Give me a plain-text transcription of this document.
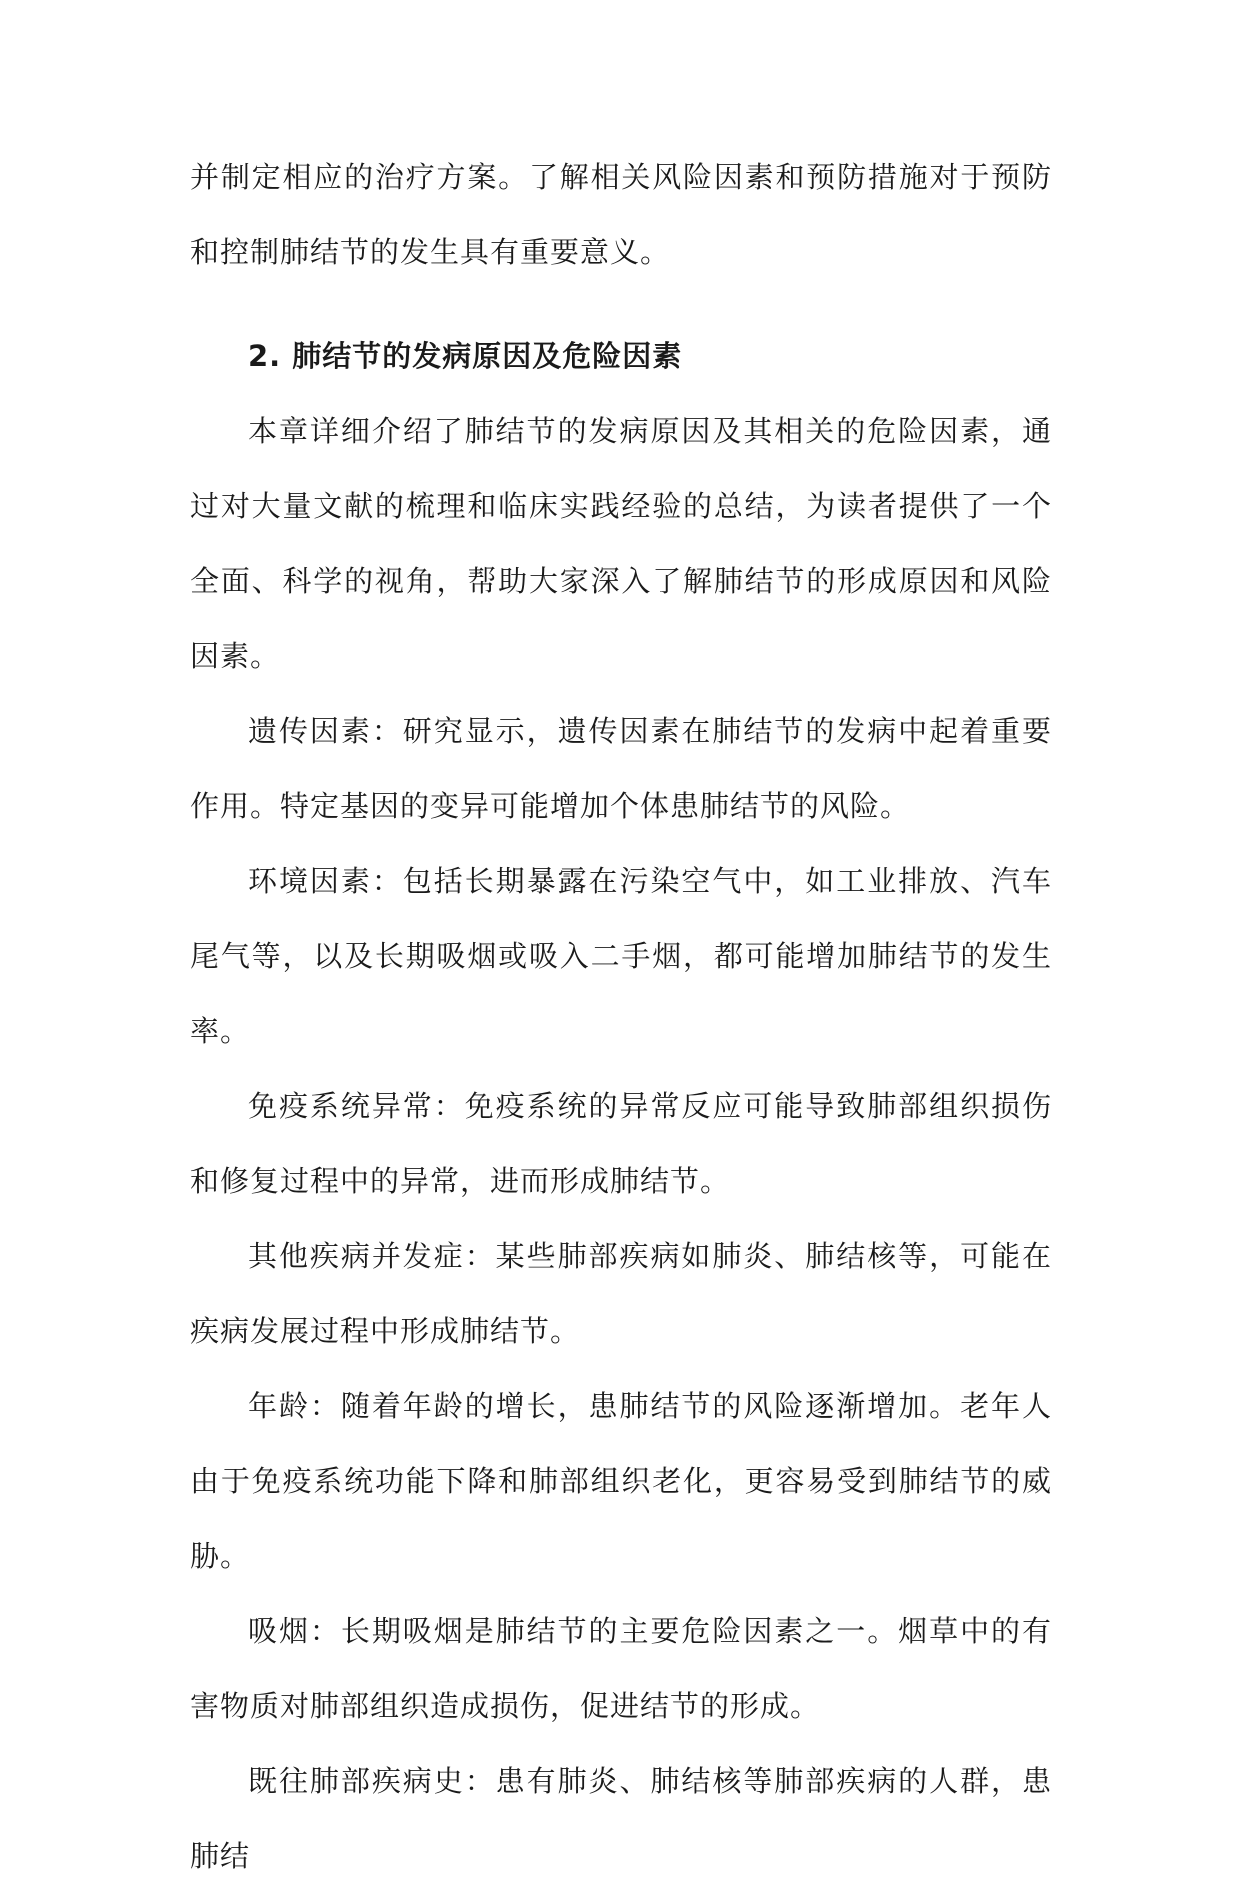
并制定相应的治疗方案。了解相关风险因素和预防措施对于预防和控制肺结节的发生具有重要意义。

2. 肺结节的发病原因及危险因素

本章详细介绍了肺结节的发病原因及其相关的危险因素，通过对大量文献的梳理和临床实践经验的总结，为读者提供了一个全面、科学的视角，帮助大家深入了解肺结节的形成原因和风险因素。

遗传因素：研究显示，遗传因素在肺结节的发病中起着重要作用。特定基因的变异可能增加个体患肺结节的风险。

环境因素：包括长期暴露在污染空气中，如工业排放、汽车尾气等，以及长期吸烟或吸入二手烟，都可能增加肺结节的发生率。

免疫系统异常：免疫系统的异常反应可能导致肺部组织损伤和修复过程中的异常，进而形成肺结节。

其他疾病并发症：某些肺部疾病如肺炎、肺结核等，可能在疾病发展过程中形成肺结节。

年龄：随着年龄的增长，患肺结节的风险逐渐增加。老年人由于免疫系统功能下降和肺部组织老化，更容易受到肺结节的威胁。

吸烟：长期吸烟是肺结节的主要危险因素之一。烟草中的有害物质对肺部组织造成损伤，促进结节的形成。

既往肺部疾病史：患有肺炎、肺结核等肺部疾病的人群，患肺结
